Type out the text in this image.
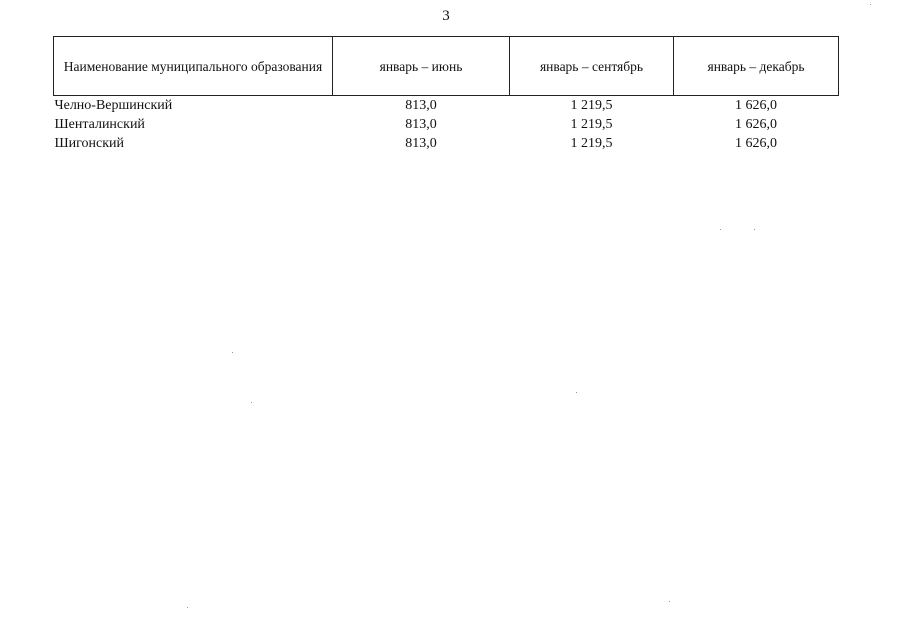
3
Наименование муниципального образования	январь – июнь	январь – сентябрь	январь – декабрь
Челно-Вершинский	813,0	1 219,5	1 626,0
Шенталинский	813,0	1 219,5	1 626,0
Шигонский	813,0	1 219,5	1 626,0
